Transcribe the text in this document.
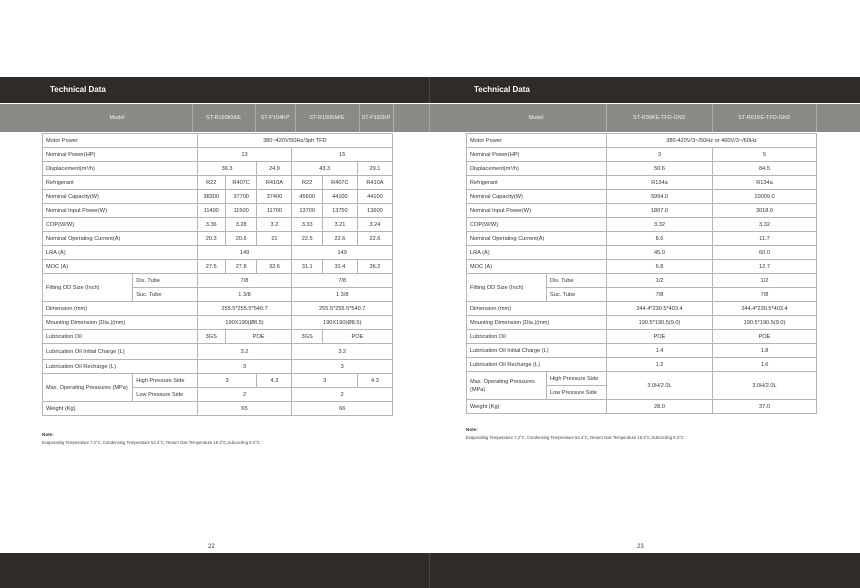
Technical Data	Technical Data
Model	ST-R160KM/E	ST-P154KP	ST-R190KM/E	ST-P182KP	Model	ST-R36KE-TFD-GN3	ST-R61KE-TFD-GN3
Motor Power		380~420V/50Hz/3ph TFD					
Nominal Power(HP)		13			15		
Displacement(m³/h)		36.3		24.9	43.3		29.1
Refrigerant		R22	R407C	R410A	R22	R407C	R410A
Nominal Capacity(W)		38300	37700	37400	45600	44100	44100
Nominal Input Power(W)		11400	11500	11700	13700	13750	13600
COP(W/W)		3.36	3.28	3.2	3.33	3.21	3.24
Nominal Operating Current(A)		20.3	20.6	21	22.5	22.6	22.6
LRA (A)		149			149		
MOC (A)		27.5	27.8	32.6	31.1	31.4	36.2
Fitting OD Size (Inch)	Dis. Tube	7/8			7/8		
	Suc. Tube	1 3/8			1 3/8		
Dimension (mm)		255.5*255.5*540.7			255.5*255.5*540.7		
Mounting Dimension (Dia.)(mm)		190X190(Ø8.5)			190X190(Ø8.5)		
Lubrication Oil		3GS	POE		3GS	POE	
Lubrication Oil Initial Charge (L)		3.2			3.2		
Lubrication Oil Recharge (L)		3			3		
Max. Operating Pressures (MPa)	High Pressure Side	3		4.3	3		4.3
	Low Pressure Side	2			2		
Weight (Kg)		65			66		
Note:
Evaporating Temperature 7.2°C, Condensing Temperature 54.4°C, Return Gas Temperature 18.3°C,Subcooling 8.3°C
22
Motor Power		380-420V/3~/50Hz or 460V/3~/60Hz	
Nominal Power(HP)		3	5
Displacement(m³/h)		50.6	84.5
Refrigerant		R134a	R134a
Nominal Capacity(W)		5994.0	10009.0
Nominal Input Power(W)		1807.0	3018.0
COP(W/W)		3.32	3.32
Nominal Operating Current(A)		8.6	11.7
LRA (A)		45.0	60.0
MOC (A)		6.8	12.7
Fitting OD Size (Inch)	Dis. Tube	1/2	1/2
	Suc. Tube	7/8	7/8
Dimension (mm)		244.4*230.5*403.4	244.4*230.5*403.4
Mounting Dimension (Dia.)(mm)		190.5*190.5(9.0)	190.5*190.5(9.0)
Lubrication Oil		POE	POE
Lubrication Oil Initial Charge (L)		1.4	1.8
Lubrication Oil Recharge (L)		1.2	1.6
Max. Operating Pressures (MPa)	High Pressure Side	3.0H/2.0L	3.0H/2.0L
	Low Pressure Side		
Weight (Kg)		28.0	37.0
Note:
Evaporating Temperature 7.2°C, Condensing Temperature 54.4°C, Return Gas Temperature 18.3°C,Subcooling 8.3°C
23
